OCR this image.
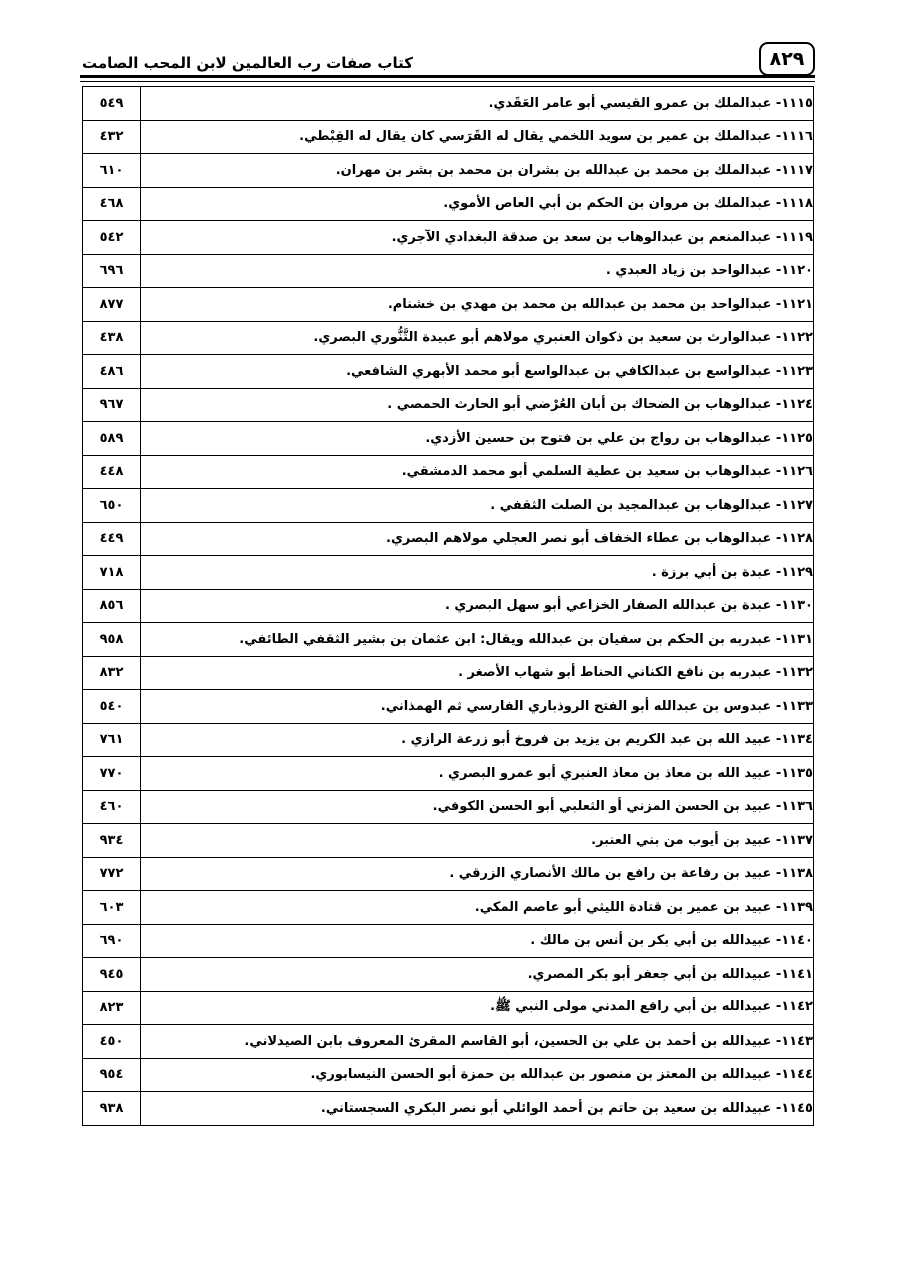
٨٢٩
كتاب صفات رب العالمين لابن المحب الصامت
١١١٥- عبدالملك بن عمرو القيسي أبو عامر العَقَدي.	٥٤٩
١١١٦- عبدالملك بن عمير بن سويد اللخمي يقال له القَرَسي كان يقال له القِبْطي.	٤٣٢
١١١٧- عبدالملك بن محمد بن عبدالله بن بشران بن محمد بن بشر بن مهران.	٦١٠
١١١٨- عبدالملك بن مروان بن الحكم بن أبي العاص الأموي.	٤٦٨
١١١٩- عبدالمنعم بن عبدالوهاب بن سعد بن صدقة البغدادي الآجري.	٥٤٢
١١٢٠- عبدالواحد بن زياد العبدي .	٦٩٦
١١٢١- عبدالواحد بن محمد بن عبدالله بن محمد بن مهدي بن خشنام.	٨٧٧
١١٢٢- عبدالوارث بن سعيد بن ذكوان العنبري مولاهم أبو عبيدة التَّنُّوري البصري.	٤٣٨
١١٢٣- عبدالواسع بن عبدالكافي بن عبدالواسع أبو محمد الأبهري الشافعي.	٤٨٦
١١٢٤- عبدالوهاب بن الضحاك بن أبان العُرْضي أبو الحارث الحمصي .	٩٦٧
١١٢٥- عبدالوهاب بن رواج بن علي بن فتوح بن حسين الأزدي.	٥٨٩
١١٢٦- عبدالوهاب بن سعيد بن عطية السلمي أبو محمد الدمشقي.	٤٤٨
١١٢٧- عبدالوهاب بن عبدالمجيد بن الصلت الثقفي .	٦٥٠
١١٢٨- عبدالوهاب بن عطاء الخفاف أبو نصر العجلي مولاهم البصري.	٤٤٩
١١٢٩- عبدة بن أبي برزة .	٧١٨
١١٣٠- عبدة بن عبدالله الصفار الخزاعي أبو سهل البصري .	٨٥٦
١١٣١- عبدربه بن الحكم بن سفيان بن عبدالله ويقال: ابن عثمان بن بشير الثقفي الطائفي.	٩٥٨
١١٣٢- عبدربه بن نافع الكناني الحناط أبو شهاب الأصغر .	٨٣٢
١١٣٣- عبدوس بن عبدالله أبو الفتح الروذباري الفارسي ثم الهمذاني.	٥٤٠
١١٣٤- عبيد الله بن عبد الكريم بن يزيد بن فروخ أبو زرعة الرازي .	٧٦١
١١٣٥- عبيد الله بن معاذ بن معاذ العنبري أبو عمرو البصري .	٧٧٠
١١٣٦- عبيد بن الحسن المزني أو الثعلبي أبو الحسن الكوفي.	٤٦٠
١١٣٧- عبيد بن أيوب من بني العنبر.	٩٣٤
١١٣٨- عبيد بن رفاعة بن رافع بن مالك الأنصاري الزرقي .	٧٧٢
١١٣٩- عبيد بن عمير بن قتادة الليثي أبو عاصم المكي.	٦٠٣
١١٤٠- عبيدالله بن أبي بكر بن أنس بن مالك .	٦٩٠
١١٤١- عبيدالله بن أبي جعفر أبو بكر المصري.	٩٤٥
١١٤٢- عبيدالله بن أبي رافع المدني مولى النبي ﷺ.	٨٢٣
١١٤٣- عبيدالله بن أحمد بن علي بن الحسين، أبو القاسم المقرئ المعروف بابن الصيدلاني.	٤٥٠
١١٤٤- عبيدالله بن المعتز بن منصور بن عبدالله بن حمزة أبو الحسن النيسابوري.	٩٥٤
١١٤٥- عبيدالله بن سعيد بن حاتم بن أحمد الوائلي أبو نصر البكري السجستاني.	٩٣٨
